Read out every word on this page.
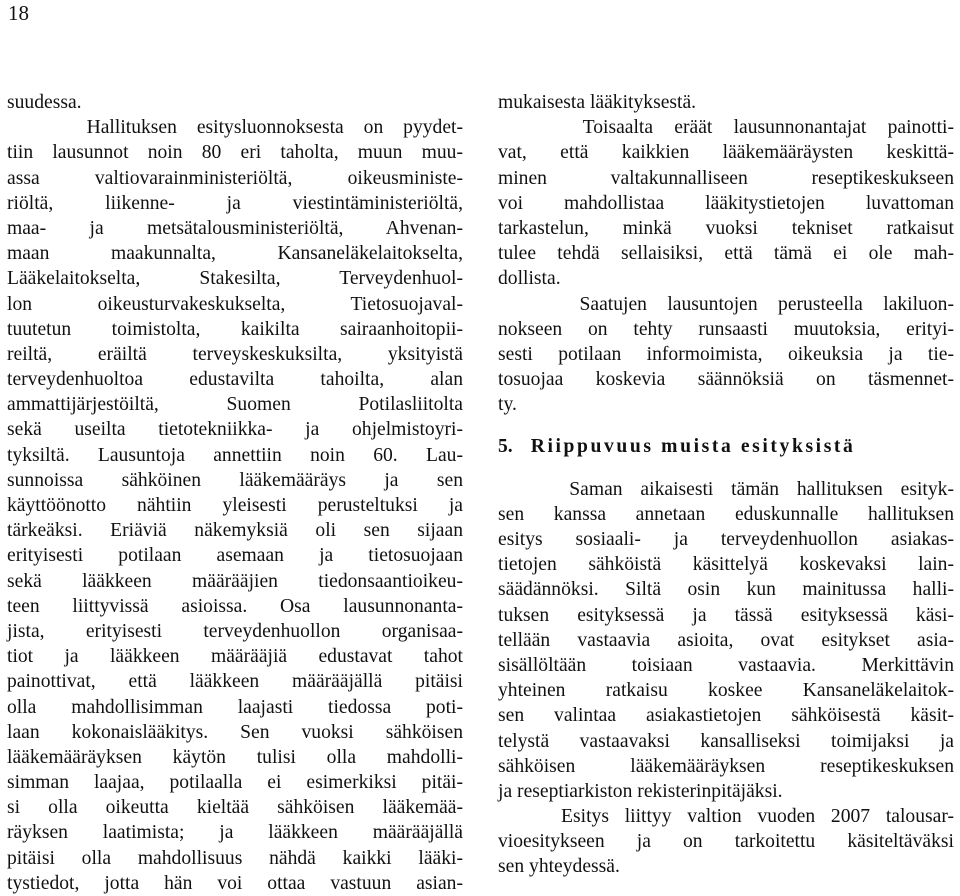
18
suudessa.
Hallituksen esitysluonnoksesta on pyydet-
tiin lausunnot noin 80 eri taholta, muun muu-
assa valtiovarainministeriöltä, oikeusministe-
riöltä, liikenne- ja viestintäministeriöltä,
maa- ja metsätalousministeriöltä, Ahvenan-
maan maakunnalta, Kansaneläkelaitokselta,
Lääkelaitokselta, Stakesilta, Terveydenhuol-
lon oikeusturvakeskukselta, Tietosuojaval-
tuutetun toimistolta, kaikilta sairaanhoitopii-
reiltä, eräiltä terveyskeskuksilta, yksityistä
terveydenhuoltoa edustavilta tahoilta, alan
ammattijärjestöiltä, Suomen Potilasliitolta
sekä useilta tietotekniikka- ja ohjelmistoyri-
tyksiltä. Lausuntoja annettiin noin 60. Lau-
sunnoissa sähköinen lääkemääräys ja sen
käyttöönotto nähtiin yleisesti perusteltuksi ja
tärkeäksi. Eriäviä näkemyksiä oli sen sijaan
erityisesti potilaan asemaan ja tietosuojaan
sekä lääkkeen määrääjien tiedonsaantioikeu-
teen liittyvissä asioissa. Osa lausunnonanta-
jista, erityisesti terveydenhuollon organisaa-
tiot ja lääkkeen määrääjiä edustavat tahot
painottivat, että lääkkeen määrääjällä pitäisi
olla mahdollisimman laajasti tiedossa poti-
laan kokonaislääkitys. Sen vuoksi sähköisen
lääkemääräyksen käytön tulisi olla mahdolli-
simman laajaa, potilaalla ei esimerkiksi pitäi-
si olla oikeutta kieltää sähköisen lääkemää-
räyksen laatimista; ja lääkkeen määrääjällä
pitäisi olla mahdollisuus nähdä kaikki lääki-
tystiedot, jotta hän voi ottaa vastuun asian-
mukaisesta lääkityksestä.
Toisaalta eräät lausunnonantajat painotti-
vat, että kaikkien lääkemääräysten keskittä-
minen valtakunnalliseen reseptikeskukseen
voi mahdollistaa lääkitystietojen luvattoman
tarkastelun, minkä vuoksi tekniset ratkaisut
tulee tehdä sellaisiksi, että tämä ei ole mah-
dollista.
Saatujen lausuntojen perusteella lakiluon-
nokseen on tehty runsaasti muutoksia, erityi-
sesti potilaan informoimista, oikeuksia ja tie-
tosuojaa koskevia säännöksiä on täsmennet-
ty.
5. Riippuvuus muista esityksistä
Saman aikaisesti tämän hallituksen esityk-
sen kanssa annetaan eduskunnalle hallituksen
esitys sosiaali- ja terveydenhuollon asiakas-
tietojen sähköistä käsittelyä koskevaksi lain-
säädännöksi. Siltä osin kun mainitussa halli-
tuksen esityksessä ja tässä esityksessä käsi-
tellään vastaavia asioita, ovat esitykset asia-
sisällöltään toisiaan vastaavia. Merkittävin
yhteinen ratkaisu koskee Kansaneläkelaitok-
sen valintaa asiakastietojen sähköisestä käsit-
telystä vastaavaksi kansalliseksi toimijaksi ja
sähköisen lääkemääräyksen reseptikeskuksen
ja reseptiarkiston rekisterinpitäjäksi.
Esitys liittyy valtion vuoden 2007 talousar-
vioesitykseen ja on tarkoitettu käsiteltäväksi
sen yhteydessä.
